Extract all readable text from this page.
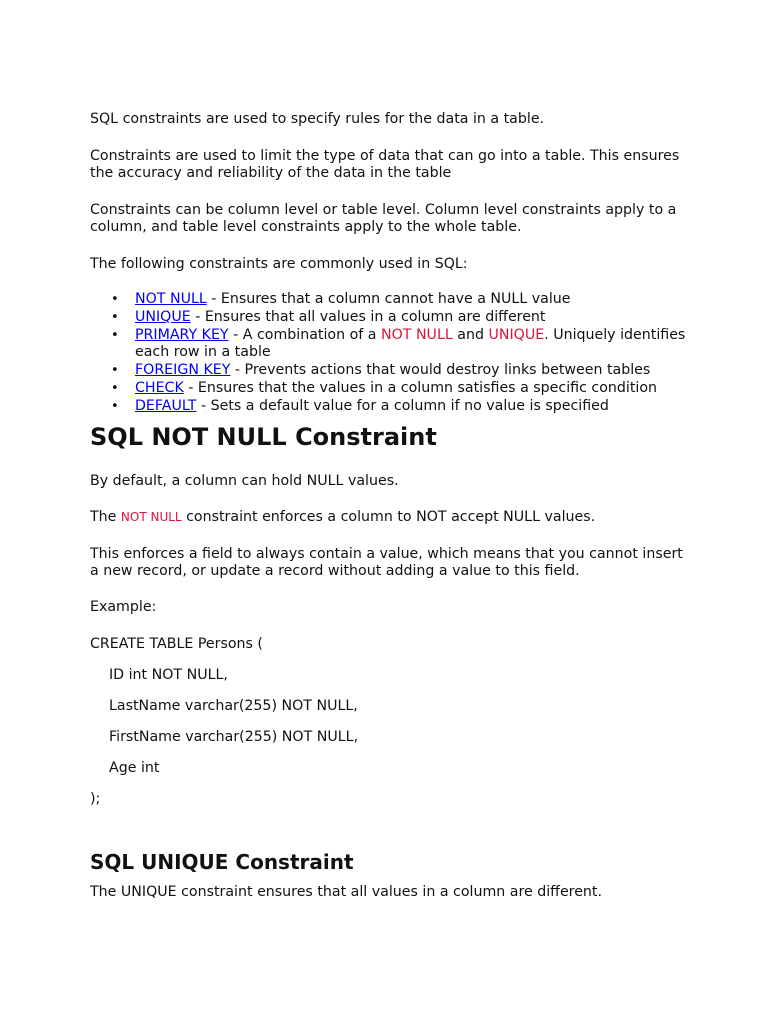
SQL constraints are used to specify rules for the data in a table.

Constraints are used to limit the type of data that can go into a table. This ensures the accuracy and reliability of the data in the table

Constraints can be column level or table level. Column level constraints apply to a column, and table level constraints apply to the whole table.

The following constraints are commonly used in SQL:

• NOT NULL - Ensures that a column cannot have a NULL value
• UNIQUE - Ensures that all values in a column are different
• PRIMARY KEY - A combination of a NOT NULL and UNIQUE. Uniquely identifies each row in a table
• FOREIGN KEY - Prevents actions that would destroy links between tables
• CHECK - Ensures that the values in a column satisfies a specific condition
• DEFAULT - Sets a default value for a column if no value is specified
SQL NOT NULL Constraint

By default, a column can hold NULL values.

The NOT NULL constraint enforces a column to NOT accept NULL values.

This enforces a field to always contain a value, which means that you cannot insert a new record, or update a record without adding a value to this field.

Example:

CREATE TABLE Persons (

ID int NOT NULL,

LastName varchar(255) NOT NULL,

FirstName varchar(255) NOT NULL,

Age int

);

SQL UNIQUE Constraint

The UNIQUE constraint ensures that all values in a column are different.
